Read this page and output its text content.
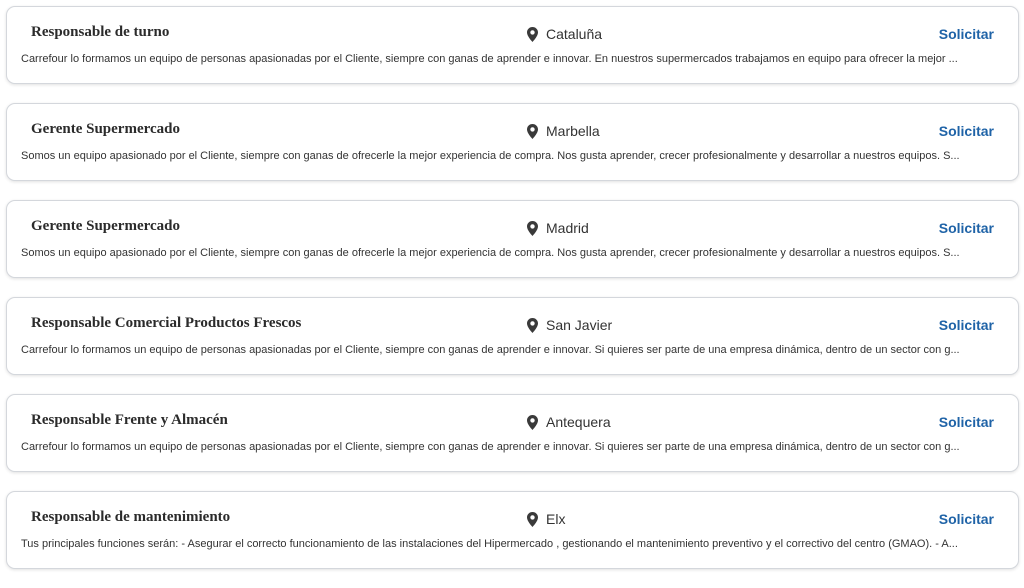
Responsable de turno	Cataluña	Solicitar
Carrefour lo formamos un equipo de personas apasionadas por el Cliente, siempre con ganas de aprender e innovar. En nuestros supermercados trabajamos en equipo para ofrecer la mejor ...
Gerente Supermercado	Marbella	Solicitar
Somos un equipo apasionado por el Cliente, siempre con ganas de ofrecerle la mejor experiencia de compra. Nos gusta aprender, crecer profesionalmente y desarrollar a nuestros equipos. S...
Gerente Supermercado	Madrid	Solicitar
Somos un equipo apasionado por el Cliente, siempre con ganas de ofrecerle la mejor experiencia de compra. Nos gusta aprender, crecer profesionalmente y desarrollar a nuestros equipos. S...
Responsable Comercial Productos Frescos	San Javier	Solicitar
Carrefour lo formamos un equipo de personas apasionadas por el Cliente, siempre con ganas de aprender e innovar. Si quieres ser parte de una empresa dinámica, dentro de un sector con g...
Responsable Frente y Almacén	Antequera	Solicitar
Carrefour lo formamos un equipo de personas apasionadas por el Cliente, siempre con ganas de aprender e innovar. Si quieres ser parte de una empresa dinámica, dentro de un sector con g...
Responsable de mantenimiento	Elx	Solicitar
Tus principales funciones serán: - Asegurar el correcto funcionamiento de las instalaciones del Hipermercado , gestionando el mantenimiento preventivo y el correctivo del centro (GMAO). - A...
